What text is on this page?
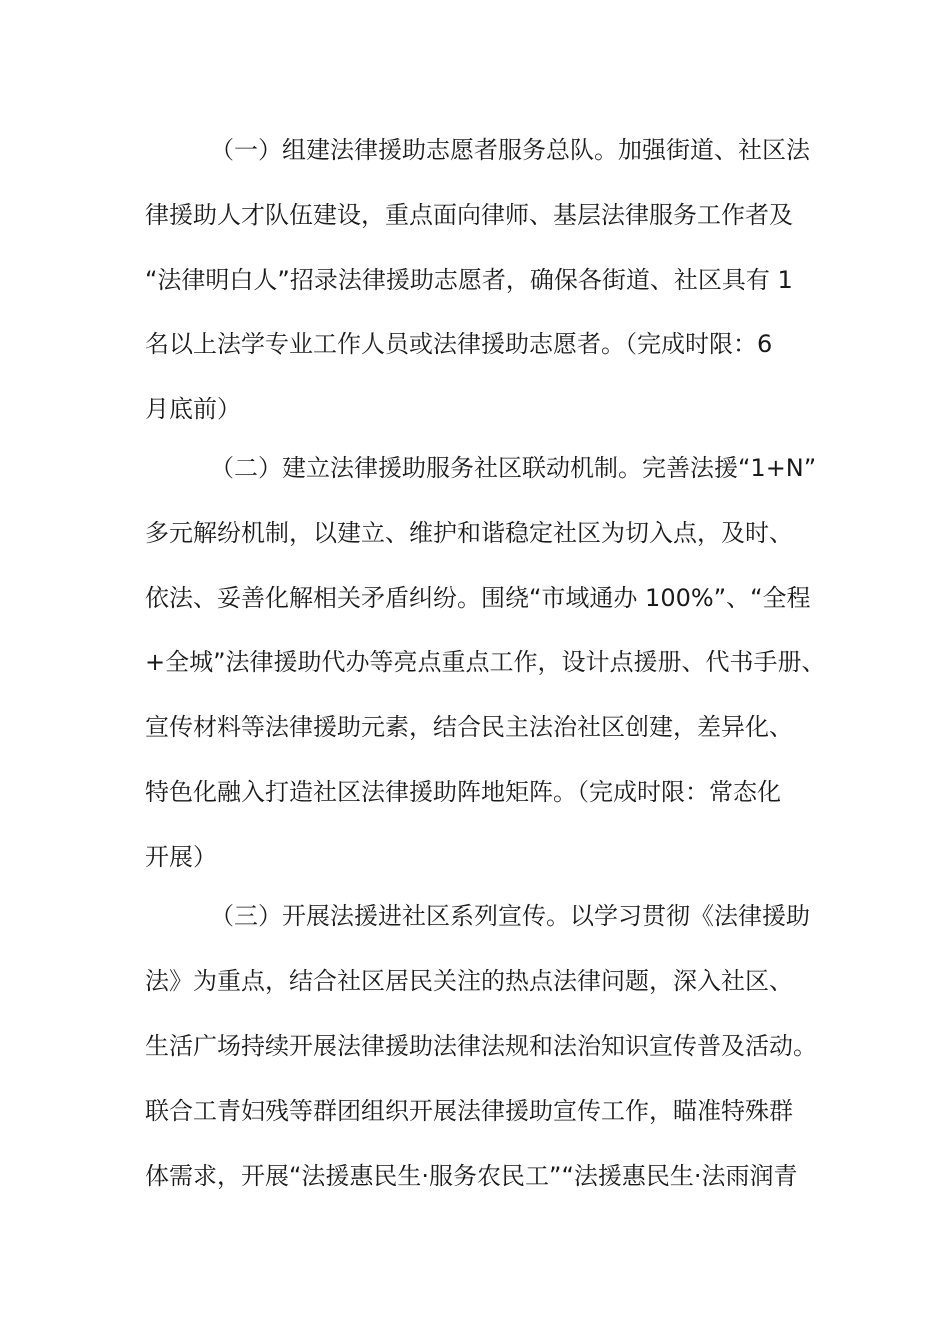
（一）组建法律援助志愿者服务总队。加强街道、社区法
律援助人才队伍建设，重点面向律师、基层法律服务工作者及
“法律明白人”招录法律援助志愿者，确保各街道、社区具有 1
名以上法学专业工作人员或法律援助志愿者。（完成时限：6
月底前）
（二）建立法律援助服务社区联动机制。完善法援“1+N”
多元解纷机制，以建立、维护和谐稳定社区为切入点，及时、
依法、妥善化解相关矛盾纠纷。围绕“市域通办 100%”、“全程
+全城”法律援助代办等亮点重点工作，设计点援册、代书手册、
宣传材料等法律援助元素，结合民主法治社区创建，差异化、
特色化融入打造社区法律援助阵地矩阵。（完成时限：常态化
开展）
（三）开展法援进社区系列宣传。以学习贯彻《法律援助
法》为重点，结合社区居民关注的热点法律问题，深入社区、
生活广场持续开展法律援助法律法规和法治知识宣传普及活动。
联合工青妇残等群团组织开展法律援助宣传工作，瞄准特殊群
体需求，开展“法援惠民生·服务农民工”“法援惠民生·法雨润青
